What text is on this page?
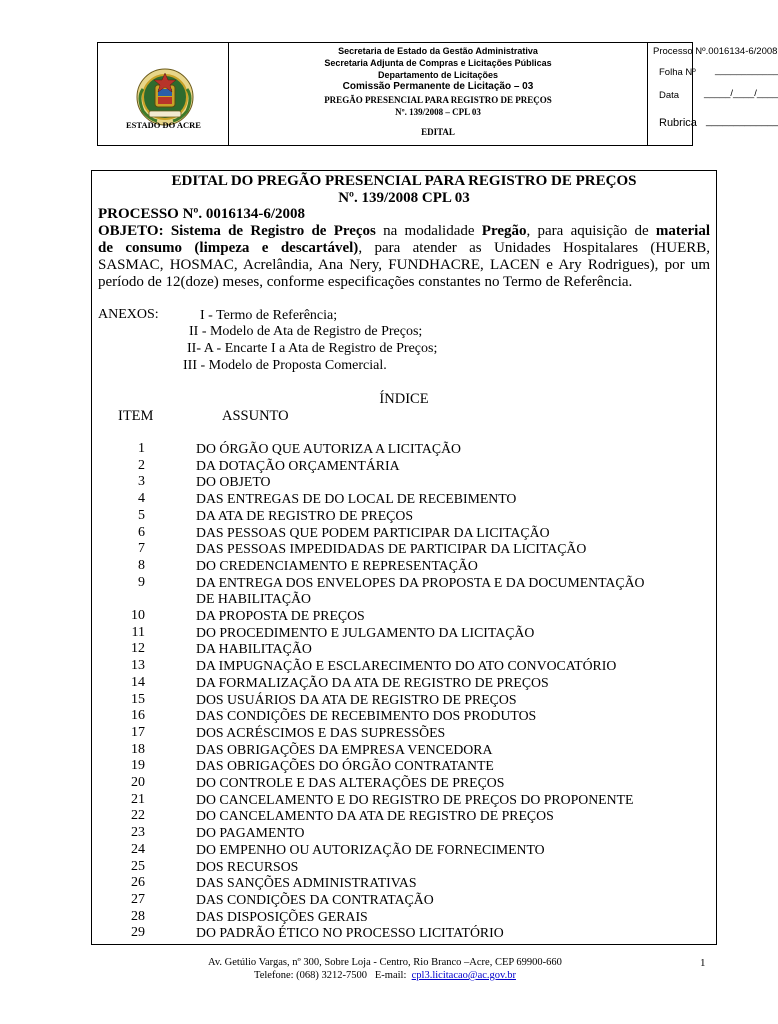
ESTADO DO ACRE
Secretaria de Estado da Gestão Administrativa
Secretaria Adjunta de Compras e Licitações Públicas
Departamento de Licitações
Comissão Permanente de Licitação – 03
PREGÃO PRESENCIAL PARA REGISTRO DE PREÇOS
Nº. 139/2008 – CPL 03
EDITAL
Processo Nº.0016134-6/2008
Folha Nº ____________
Data	_____/____/____
Rubrica _____________
EDITAL DO PREGÃO PRESENCIAL PARA REGISTRO DE PREÇOS
Nº. 139/2008 CPL 03
PROCESSO Nº. 0016134-6/2008
OBJETO: Sistema de Registro de Preços na modalidade Pregão, para aquisição de material
de consumo (limpeza e descartável), para atender as Unidades Hospitalares (HUERB,
SASMAC, HOSMAC, Acrelândia, Ana Nery, FUNDHACRE, LACEN e Ary Rodrigues), por um
período de 12(doze) meses, conforme especificações constantes no Termo de Referência.
ANEXOS:	I - Termo de Referência;
II - Modelo de Ata de Registro de Preços;
II- A - Encarte I a Ata de Registro de Preços;
III - Modelo de Proposta Comercial.
ÍNDICE
ITEM	ASSUNTO
1	DO ÓRGÃO QUE AUTORIZA A LICITAÇÃO
2	DA DOTAÇÃO ORÇAMENTÁRIA
3	DO OBJETO
4	DAS ENTREGAS DE DO LOCAL DE RECEBIMENTO
5	DA ATA DE REGISTRO DE PREÇOS
6	DAS PESSOAS QUE PODEM PARTICIPAR DA LICITAÇÃO
7	DAS PESSOAS IMPEDIDADAS DE PARTICIPAR DA LICITAÇÃO
8	DO CREDENCIAMENTO E REPRESENTAÇÃO
9	DA ENTREGA DOS ENVELOPES DA PROPOSTA E DA DOCUMENTAÇÃO
DE HABILITAÇÃO
10	DA PROPOSTA DE PREÇOS
11	DO PROCEDIMENTO E JULGAMENTO DA LICITAÇÃO
12	DA HABILITAÇÃO
13	DA IMPUGNAÇÃO E ESCLARECIMENTO DO ATO CONVOCATÓRIO
14	DA FORMALIZAÇÃO DA ATA DE REGISTRO DE PREÇOS
15	DOS USUÁRIOS DA ATA DE REGISTRO DE PREÇOS
16	DAS CONDIÇÕES DE RECEBIMENTO DOS PRODUTOS
17	DOS ACRÉSCIMOS E DAS SUPRESSÕES
18	DAS OBRIGAÇÕES DA EMPRESA VENCEDORA
19	DAS OBRIGAÇÕES DO ÓRGÃO CONTRATANTE
20	DO CONTROLE E DAS ALTERAÇÕES DE PREÇOS
21	DO CANCELAMENTO E DO REGISTRO DE PREÇOS DO PROPONENTE
22	DO CANCELAMENTO DA ATA DE REGISTRO DE PREÇOS
23	DO PAGAMENTO
24	DO EMPENHO OU AUTORIZAÇÃO DE FORNECIMENTO
25	DOS RECURSOS
26	DAS SANÇÕES ADMINISTRATIVAS
27	DAS CONDIÇÕES DA CONTRATAÇÃO
28	DAS DISPOSIÇÕES GERAIS
29	DO PADRÃO ÉTICO NO PROCESSO LICITATÓRIO
Av. Getúlio Vargas, nº 300, Sobre Loja - Centro, Rio Branco –Acre, CEP 69900-660
Telefone: (068) 3212-7500 E-mail: cpl3.licitacao@ac.gov.br
1
